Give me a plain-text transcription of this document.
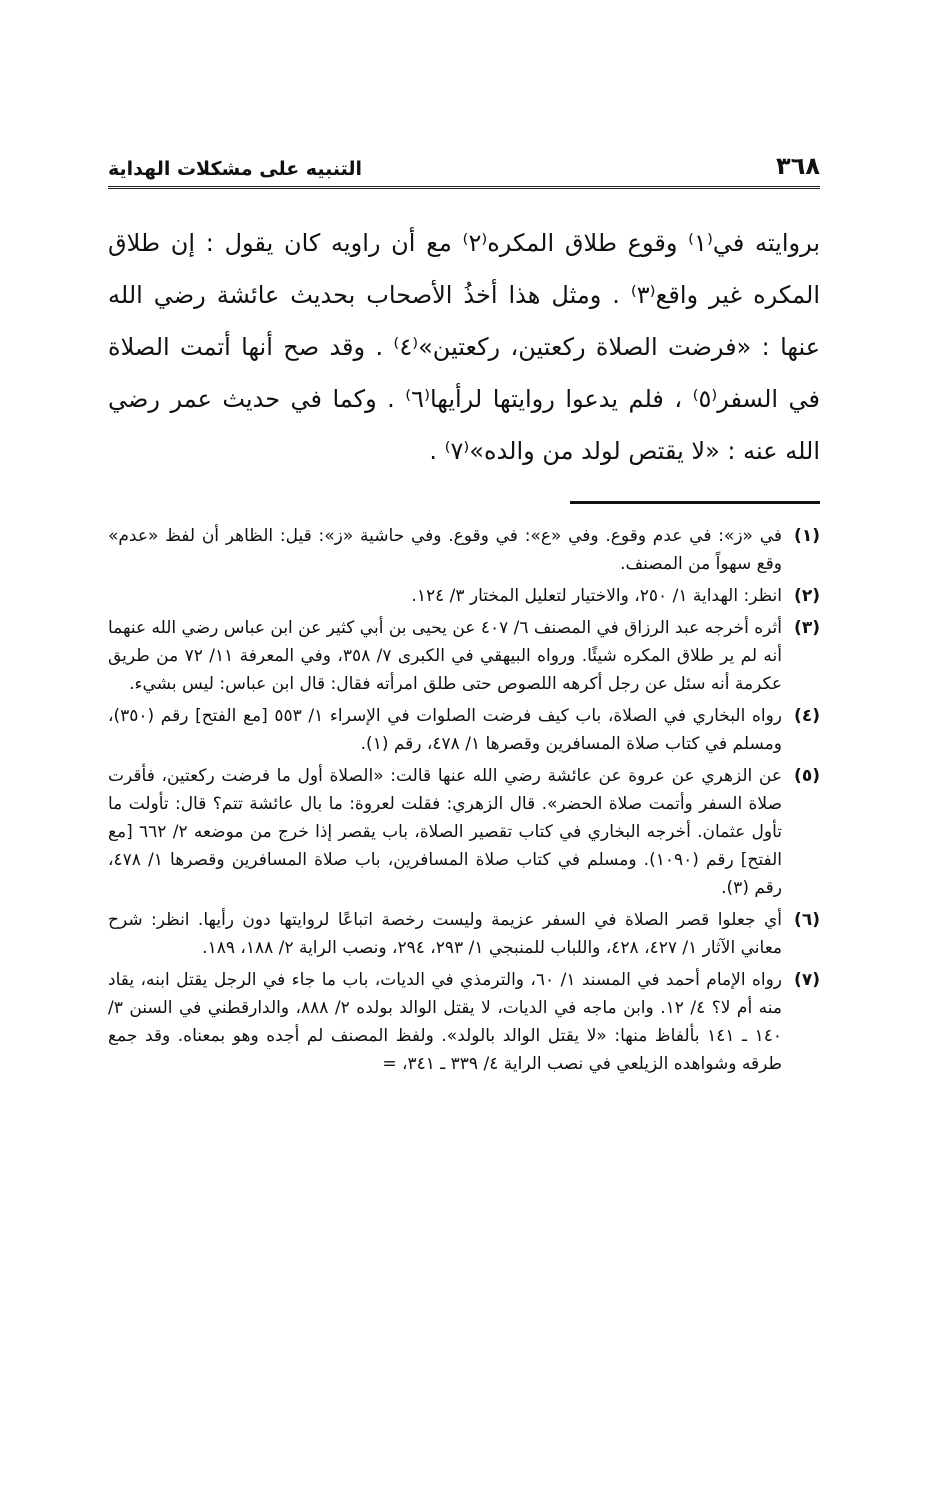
٣٦٨
التنبيه على مشكلات الهداية

بروايته في⁽١⁾ وقوع طلاق المكره⁽٢⁾ مع أن راويه كان يقول : إن طلاق المكره غير واقع⁽٣⁾ . ومثل هذا أخذُ الأصحاب بحديث عائشة رضي الله عنها : «فرضت الصلاة ركعتين، ركعتين»⁽٤⁾ . وقد صح أنها أتمت الصلاة في السفر⁽٥⁾ ، فلم يدعوا روايتها لرأيها⁽٦⁾ . وكما في حديث عمر رضي الله عنه : «لا يقتص لولد من والده»⁽٧⁾ .

(١)
في «ز»: في عدم وقوع. وفي «ع»: في وقوع. وفي حاشية «ز»: قيل: الظاهر أن لفظ «عدم» وقع سهواً من المصنف.
(٢)
انظر: الهداية ١/ ٢٥٠، والاختيار لتعليل المختار ٣/ ١٢٤.
(٣)
أثره أخرجه عبد الرزاق في المصنف ٦/ ٤٠٧ عن يحيى بن أبي كثير عن ابن عباس رضي الله عنهما أنه لم ير طلاق المكره شيئًا. ورواه البيهقي في الكبرى ٧/ ٣٥٨، وفي المعرفة ١١/ ٧٢ من طريق عكرمة أنه سئل عن رجل أكرهه اللصوص حتى طلق امرأته فقال: قال ابن عباس: ليس بشيء.
(٤)
رواه البخاري في الصلاة، باب كيف فرضت الصلوات في الإسراء ١/ ٥٥٣ [مع الفتح] رقم (٣٥٠)، ومسلم في كتاب صلاة المسافرين وقصرها ١/ ٤٧٨، رقم (١).
(٥)
عن الزهري عن عروة عن عائشة رضي الله عنها قالت: «الصلاة أول ما فرضت ركعتين، فأقرت صلاة السفر وأتمت صلاة الحضر». قال الزهري: فقلت لعروة: ما بال عائشة تتم؟ قال: تأولت ما تأول عثمان. أخرجه البخاري في كتاب تقصير الصلاة، باب يقصر إذا خرج من موضعه ٢/ ٦٦٢ [مع الفتح] رقم (١٠٩٠). ومسلم في كتاب صلاة المسافرين، باب صلاة المسافرين وقصرها ١/ ٤٧٨، رقم (٣).
(٦)
أي جعلوا قصر الصلاة في السفر عزيمة وليست رخصة اتباعًا لروايتها دون رأيها. انظر: شرح معاني الآثار ١/ ٤٢٧، ٤٢٨، واللباب للمنبجي ١/ ٢٩٣، ٢٩٤، ونصب الراية ٢/ ١٨٨، ١٨٩.
(٧)
رواه الإمام أحمد في المسند ١/ ٦٠، والترمذي في الديات، باب ما جاء في الرجل يقتل ابنه، يقاد منه أم لا؟ ٤/ ١٢. وابن ماجه في الديات، لا يقتل الوالد بولده ٢/ ٨٨٨، والدارقطني في السنن ٣/ ١٤٠ ـ ١٤١ بألفاظ منها: «لا يقتل الوالد بالولد». ولفظ المصنف لم أجده وهو بمعناه. وقد جمع طرقه وشواهده الزيلعي في نصب الراية ٤/ ٣٣٩ ـ ٣٤١، =
